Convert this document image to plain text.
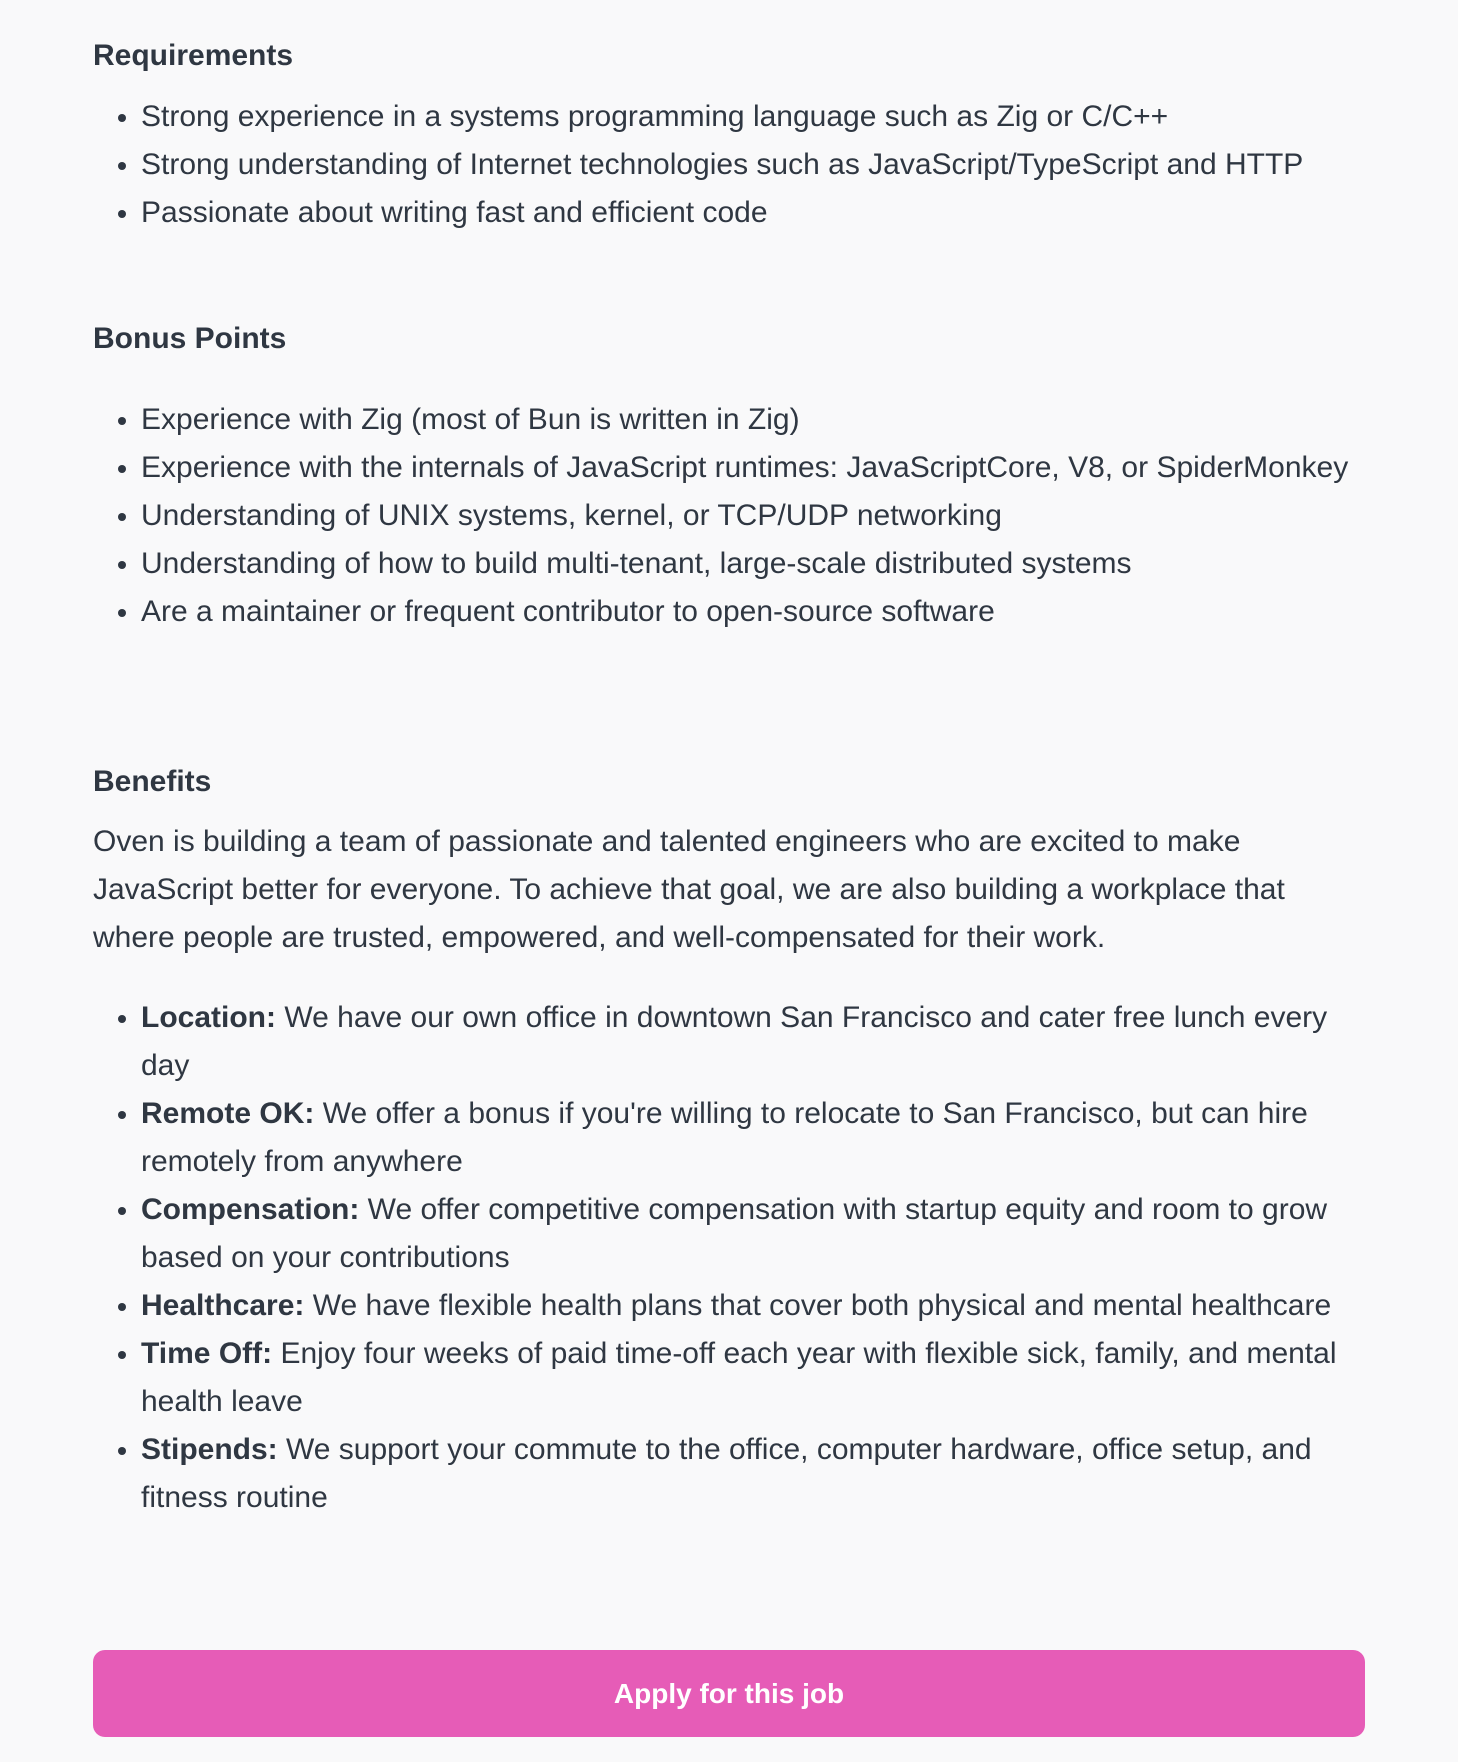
Requirements
• Strong experience in a systems programming language such as Zig or C/C++
• Strong understanding of Internet technologies such as JavaScript/TypeScript and HTTP
• Passionate about writing fast and efficient code
Bonus Points
• Experience with Zig (most of Bun is written in Zig)
• Experience with the internals of JavaScript runtimes: JavaScriptCore, V8, or SpiderMonkey
• Understanding of UNIX systems, kernel, or TCP/UDP networking
• Understanding of how to build multi-tenant, large-scale distributed systems
• Are a maintainer or frequent contributor to open-source software
Benefits

Oven is building a team of passionate and talented engineers who are excited to make JavaScript better for everyone. To achieve that goal, we are also building a workplace that where people are trusted, empowered, and well-compensated for their work.

• Location: We have our own office in downtown San Francisco and cater free lunch every day
• Remote OK: We offer a bonus if you're willing to relocate to San Francisco, but can hire remotely from anywhere
• Compensation: We offer competitive compensation with startup equity and room to grow based on your contributions
• Healthcare: We have flexible health plans that cover both physical and mental healthcare
• Time Off: Enjoy four weeks of paid time-off each year with flexible sick, family, and mental health leave
• Stipends: We support your commute to the office, computer hardware, office setup, and fitness routine
Apply for this job
